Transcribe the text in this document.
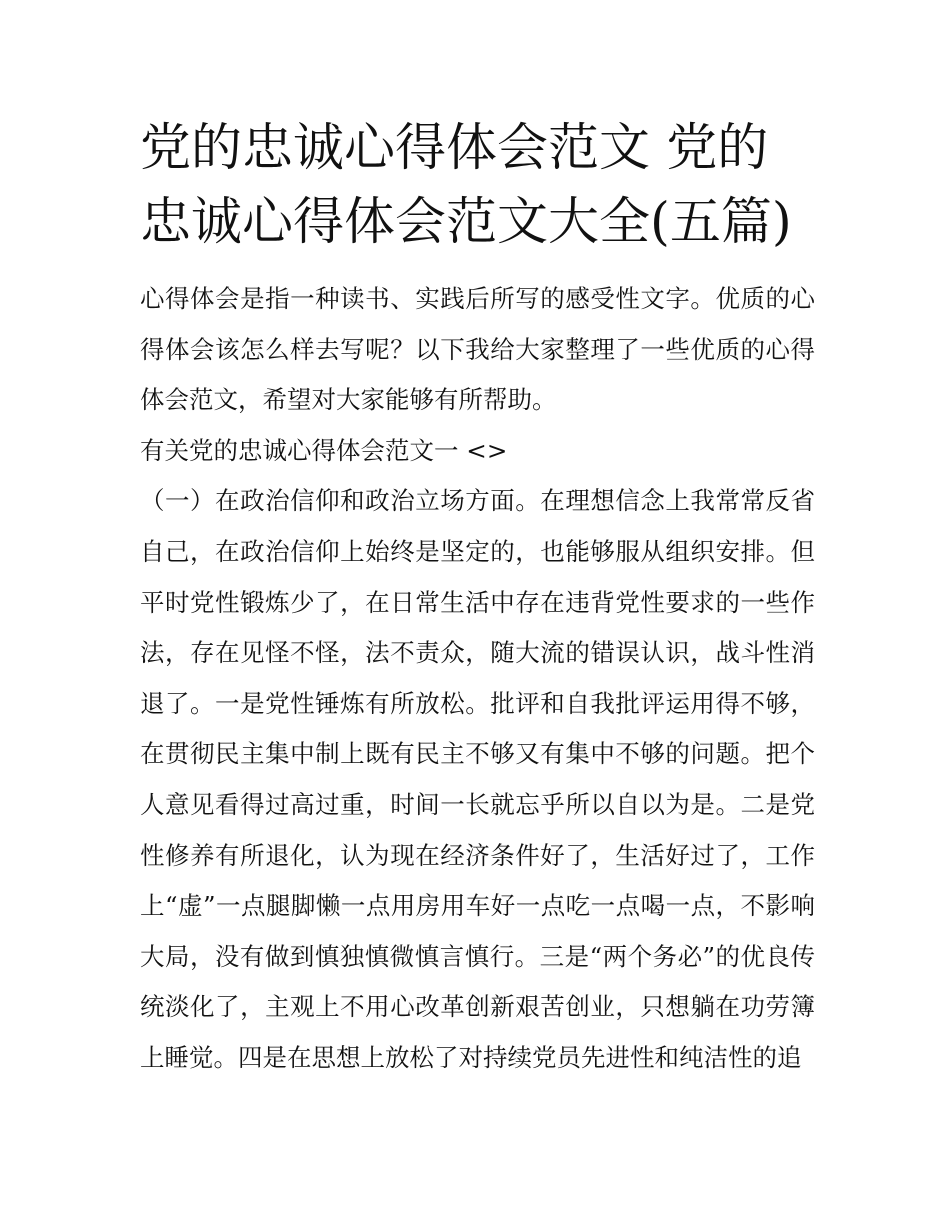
党的忠诚心得体会范文 党的忠诚心得体会范文大全(五篇)

心得体会是指一种读书、实践后所写的感受性文字。优质的心得体会该怎么样去写呢？以下我给大家整理了一些优质的心得体会范文，希望对大家能够有所帮助。

有关党的忠诚心得体会范文一 <>

（一）在政治信仰和政治立场方面。在理想信念上我常常反省自己，在政治信仰上始终是坚定的，也能够服从组织安排。但平时党性锻炼少了，在日常生活中存在违背党性要求的一些作法，存在见怪不怪，法不责众，随大流的错误认识，战斗性消退了。一是党性锤炼有所放松。批评和自我批评运用得不够，在贯彻民主集中制上既有民主不够又有集中不够的问题。把个人意见看得过高过重，时间一长就忘乎所以自以为是。二是党性修养有所退化，认为现在经济条件好了，生活好过了，工作上“虚”一点腿脚懒一点用房用车好一点吃一点喝一点，不影响大局，没有做到慎独慎微慎言慎行。三是“两个务必”的优良传统淡化了，主观上不用心改革创新艰苦创业，只想躺在功劳簿上睡觉。四是在思想上放松了对持续党员先进性和纯洁性的追
